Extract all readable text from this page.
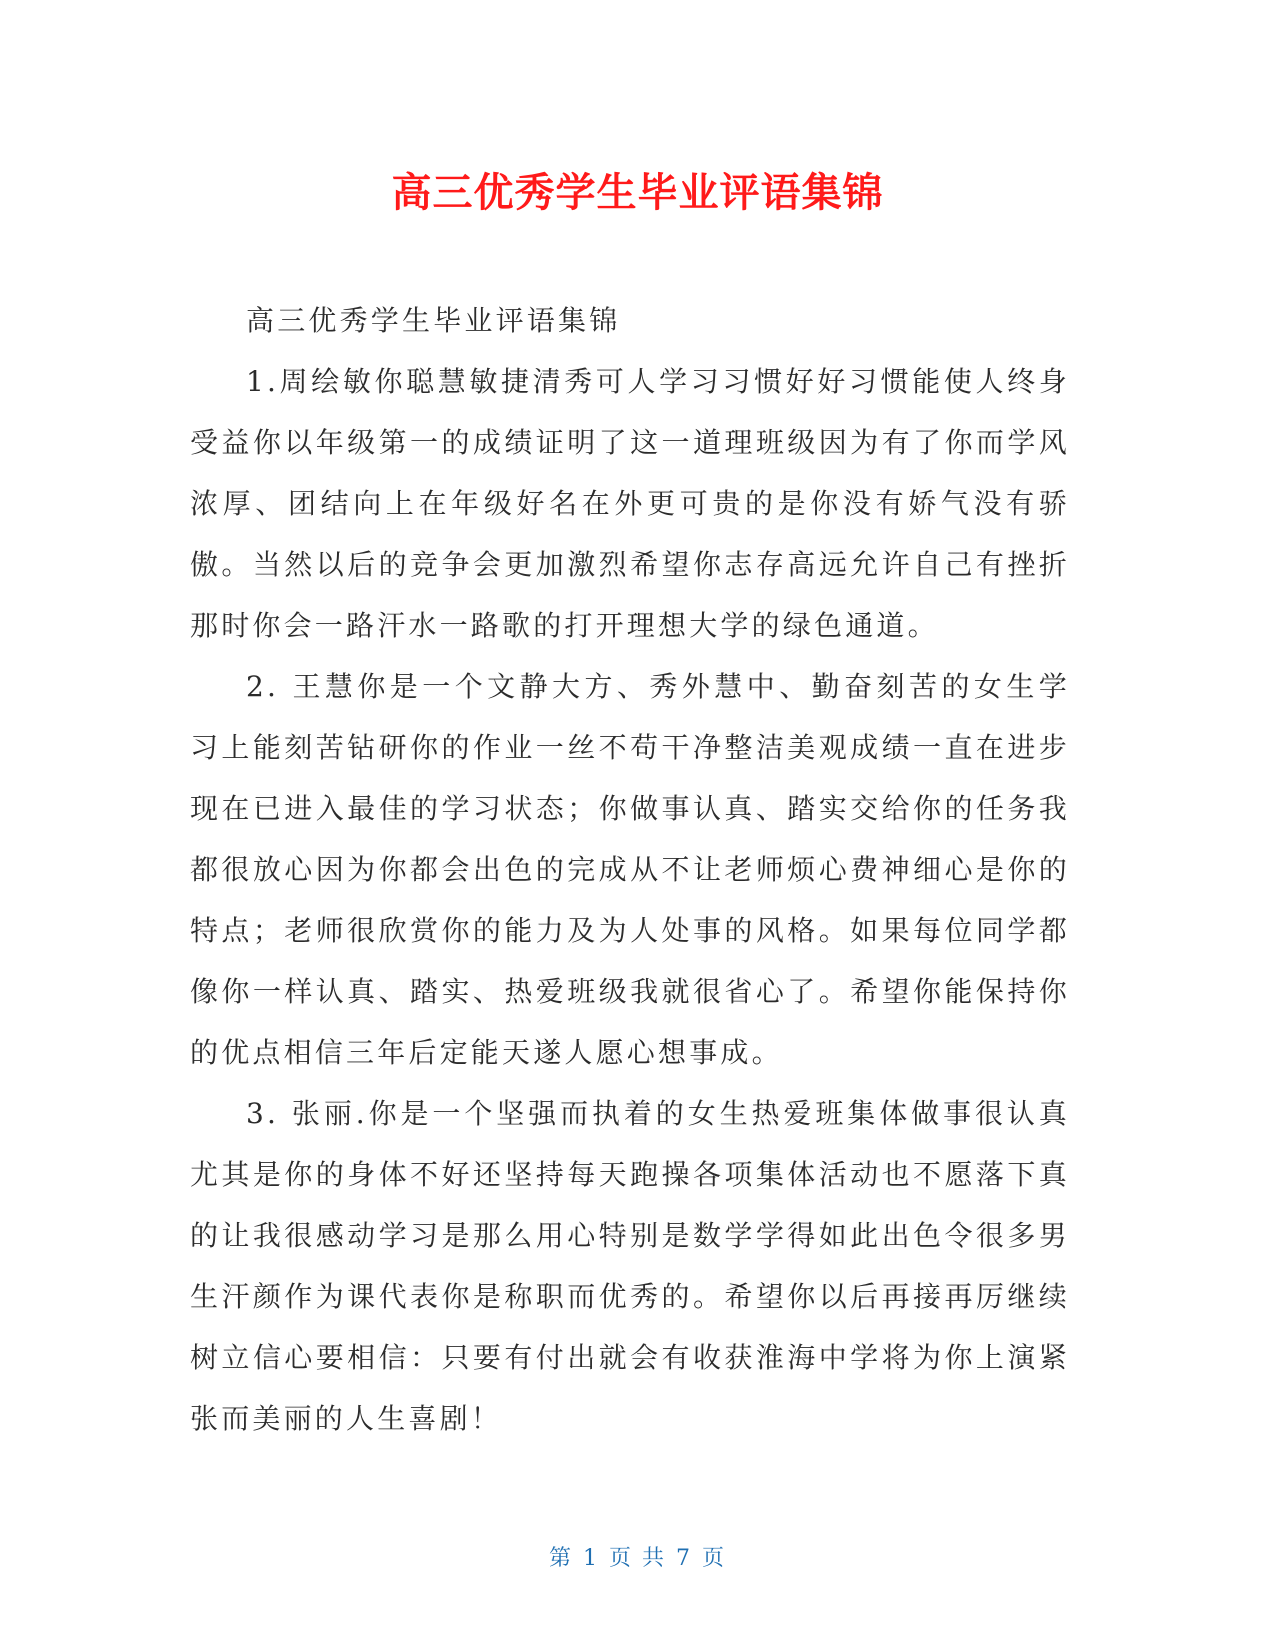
高三优秀学生毕业评语集锦

高三优秀学生毕业评语集锦

1.周绘敏你聪慧敏捷清秀可人学习习惯好好习惯能使人终身受益你以年级第一的成绩证明了这一道理班级因为有了你而学风浓厚、团结向上在年级好名在外更可贵的是你没有娇气没有骄傲。当然以后的竞争会更加激烈希望你志存高远允许自己有挫折那时你会一路汗水一路歌的打开理想大学的绿色通道。

2. 王慧你是一个文静大方、秀外慧中、勤奋刻苦的女生学习上能刻苦钻研你的作业一丝不苟干净整洁美观成绩一直在进步现在已进入最佳的学习状态；你做事认真、踏实交给你的任务我都很放心因为你都会出色的完成从不让老师烦心费神细心是你的特点；老师很欣赏你的能力及为人处事的风格。如果每位同学都像你一样认真、踏实、热爱班级我就很省心了。希望你能保持你的优点相信三年后定能天遂人愿心想事成。

3. 张丽.你是一个坚强而执着的女生热爱班集体做事很认真尤其是你的身体不好还坚持每天跑操各项集体活动也不愿落下真的让我很感动学习是那么用心特别是数学学得如此出色令很多男生汗颜作为课代表你是称职而优秀的。希望你以后再接再厉继续树立信心要相信：只要有付出就会有收获淮海中学将为你上演紧张而美丽的人生喜剧！

第 1 页 共 7 页
